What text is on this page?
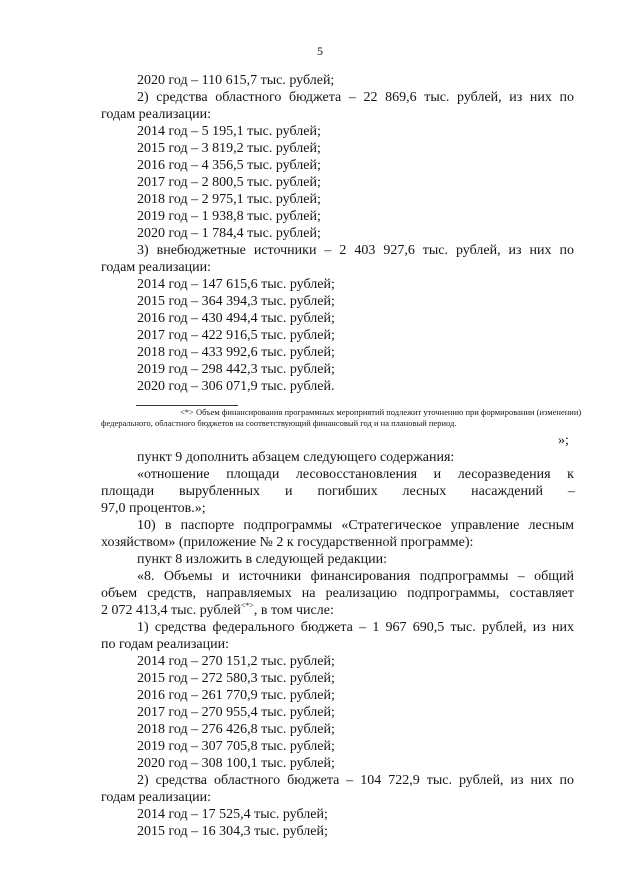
5
2020 год – 110 615,7 тыс. рублей;
2) средства областного бюджета – 22 869,6 тыс. рублей, из них по
годам реализации:
2014 год – 5 195,1 тыс. рублей;
2015 год – 3 819,2 тыс. рублей;
2016 год – 4 356,5 тыс. рублей;
2017 год – 2 800,5 тыс. рублей;
2018 год – 2 975,1 тыс. рублей;
2019 год – 1 938,8 тыс. рублей;
2020 год – 1 784,4 тыс. рублей;
3) внебюджетные источники – 2 403 927,6 тыс. рублей, из них по
годам реализации:
2014 год – 147 615,6 тыс. рублей;
2015 год – 364 394,3 тыс. рублей;
2016 год – 430 494,4 тыс. рублей;
2017 год – 422 916,5 тыс. рублей;
2018 год – 433 992,6 тыс. рублей;
2019 год – 298 442,3 тыс. рублей;
2020 год – 306 071,9 тыс. рублей.
<*> Объем финансирования программных мероприятий подлежит уточнению при формировании (изменении)
федерального, областного бюджетов на соответствующий финансовый год и на плановый период.
»;
пункт 9 дополнить абзацем следующего содержания:
«отношение площади лесовосстановления и лесоразведения к
площади вырубленных и погибших лесных насаждений –
97,0 процентов.»;
10) в паспорте подпрограммы «Стратегическое управление лесным
хозяйством» (приложение № 2 к государственной программе):
пункт 8 изложить в следующей редакции:
«8. Объемы и источники финансирования подпрограммы – общий
объем средств, направляемых на реализацию подпрограммы, составляет
2 072 413,4 тыс. рублей<*>, в том числе:
1) средства федерального бюджета – 1 967 690,5 тыс. рублей, из них
по годам реализации:
2014 год – 270 151,2 тыс. рублей;
2015 год – 272 580,3 тыс. рублей;
2016 год – 261 770,9 тыс. рублей;
2017 год – 270 955,4 тыс. рублей;
2018 год – 276 426,8 тыс. рублей;
2019 год – 307 705,8 тыс. рублей;
2020 год – 308 100,1 тыс. рублей;
2) средства областного бюджета – 104 722,9 тыс. рублей, из них по
годам реализации:
2014 год – 17 525,4 тыс. рублей;
2015 год – 16 304,3 тыс. рублей;
